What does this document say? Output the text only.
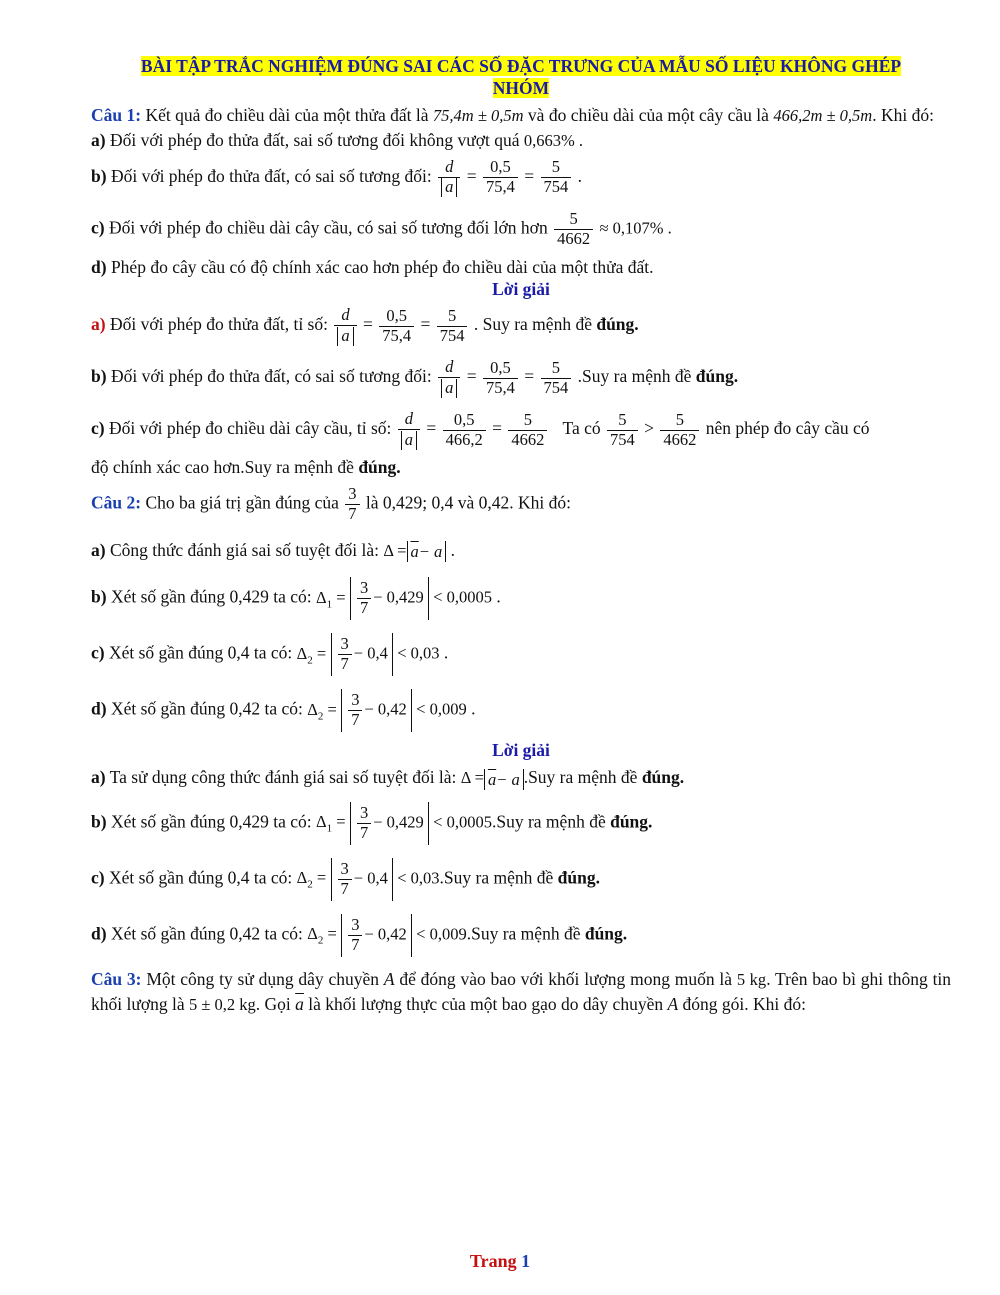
BÀI TẬP TRẮC NGHIỆM ĐÚNG SAI CÁC SỐ ĐẶC TRƯNG CỦA MẪU SỐ LIỆU KHÔNG GHÉP
NHÓM

Câu 1: Kết quả đo chiều dài của một thửa đất là 75,4m ± 0,5m và đo chiều dài của một cây cầu là 466,2m ± 0,5m. Khi đó:

a) Đối với phép đo thửa đất, sai số tương đối không vượt quá 0,663% .

b) Đối với phép đo thửa đất, có sai số tương đối: $\frac{d}{a} = \frac{0,5}{75,4} = \frac{5}{754}$ .
c) Đối với phép đo chiều dài cây cầu, có sai số tương đối lớn hơn $\frac{5}{4662} \approx 0,107\%$ .

d) Phép đo cây cầu có độ chính xác cao hơn phép đo chiều dài của một thửa đất.

Lời giải
a) Đối với phép đo thửa đất, tỉ số: $\frac{d}{a} = \frac{0,5}{75,4} = \frac{5}{754}$ . Suy ra mệnh đề đúng.
b) Đối với phép đo thửa đất, có sai số tương đối: $\frac{d}{a} = \frac{0,5}{75,4} = \frac{5}{754} .Suy$ ra mệnh đề đúng.
c) Đối với phép đo chiều dài cây cầu, tỉ số: $\frac{d}{a} = \frac{0,5}{466,2} = \frac{5}{4662}$ Ta có $\frac{5}{754} > \frac{5}{4662}$ nên phép đo cây cầu có

độ chính xác cao hơn.Suy ra mệnh đề đúng.

Câu 2: Cho ba giá trị gần đúng của $\frac{3}{7}$ là 0,429; 0,4 và 0,42. Khi đó:
a) Công thức đánh giá sai số tuyệt đối là: $\Delta = \overline{a}- a$ .
b) Xét số gần đúng 0,429 ta có: $\Delta_1 = \frac{3}{7} - 0,429 < 0,0005$ .
c) Xét số gần đúng 0,4 ta có: $\Delta_2 = \frac{3}{7} - 0,4 < 0,03$ .
d) Xét số gần đúng 0,42 ta có: $\Delta_2 = \frac{3}{7} - 0,42 < 0,009$ .
Lời giải
a) Ta sử dụng công thức đánh giá sai số tuyệt đối là: $\Delta = \overline{a}- a$ .Suy ra mệnh đề đúng.
b) Xét số gần đúng 0,429 ta có: $\Delta_1 = \frac{3}{7} - 0,429 < 0,0005.Suy$ ra mệnh đề đúng.
c) Xét số gần đúng 0,4 ta có: $\Delta_2 = \frac{3}{7} - 0,4 < 0,03.Suy$ ra mệnh đề đúng.
d) Xét số gần đúng 0,42 ta có: $\Delta_2 = \frac{3}{7} - 0,42 < 0,009.Suy$ ra mệnh đề đúng.

Câu 3: Một công ty sử dụng dây chuyền A để đóng vào bao với khối lượng mong muốn là 5 kg. Trên bao bì ghi thông tin khối lượng là 5 ± 0,2 kg. Gọi $\overline{a}$ là khối lượng thực của một bao gạo do dây chuyền A đóng gói. Khi đó:

Trang 1
